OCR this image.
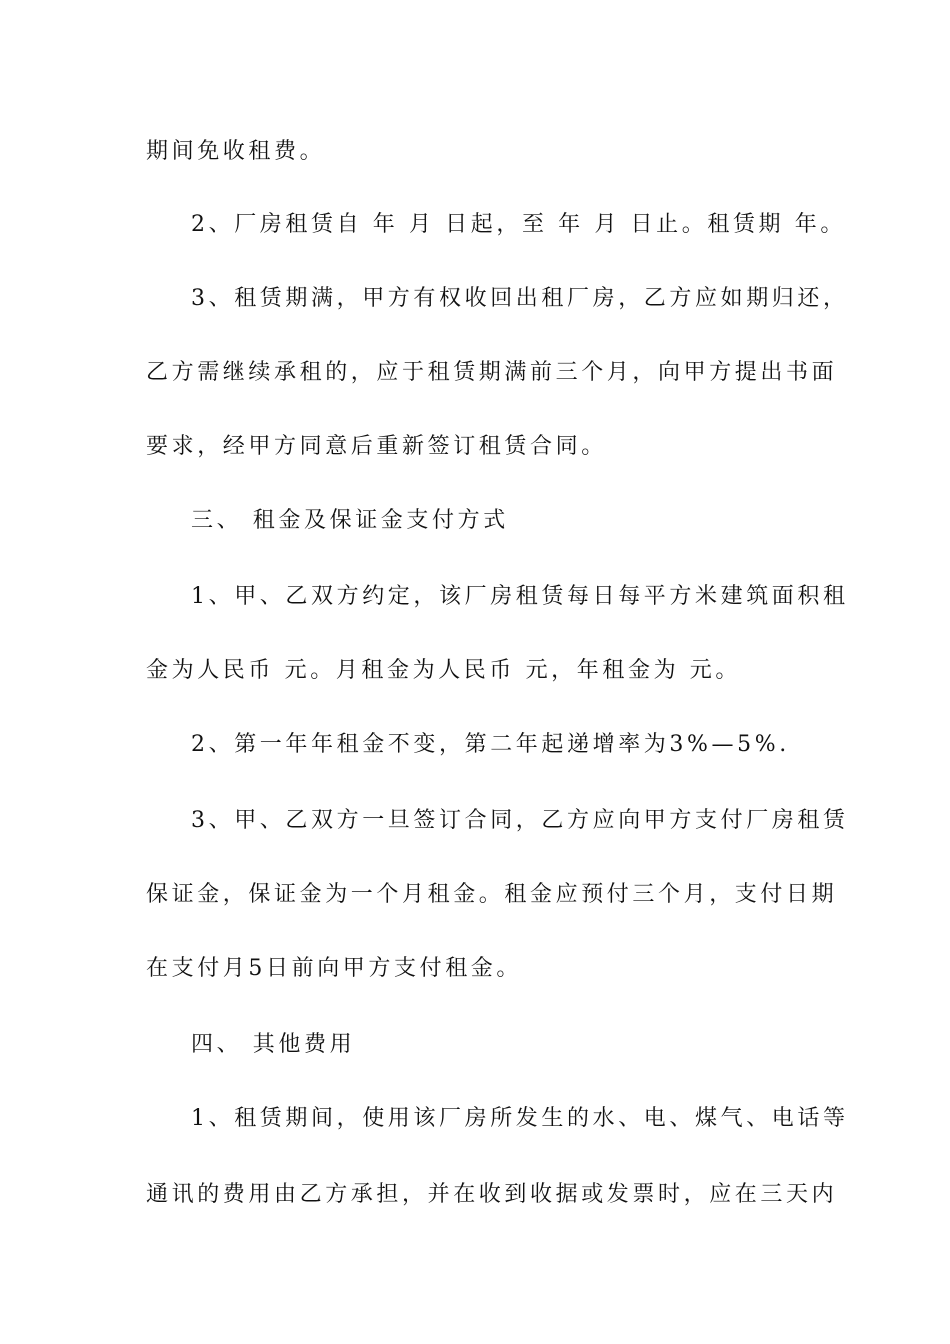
期间免收租费。
2、厂房租赁自 年 月 日起，至 年 月 日止。租赁期 年。
3、租赁期满，甲方有权收回出租厂房，乙方应如期归还，
乙方需继续承租的，应于租赁期满前三个月，向甲方提出书面
要求，经甲方同意后重新签订租赁合同。
三、 租金及保证金支付方式
1、甲、乙双方约定，该厂房租赁每日每平方米建筑面积租
金为人民币 元。月租金为人民币 元，年租金为 元。
2、第一年年租金不变，第二年起递增率为3%—5%.
3、甲、乙双方一旦签订合同，乙方应向甲方支付厂房租赁
保证金，保证金为一个月租金。租金应预付三个月，支付日期
在支付月5日前向甲方支付租金。
四、 其他费用
1、租赁期间，使用该厂房所发生的水、电、煤气、电话等
通讯的费用由乙方承担，并在收到收据或发票时，应在三天内
